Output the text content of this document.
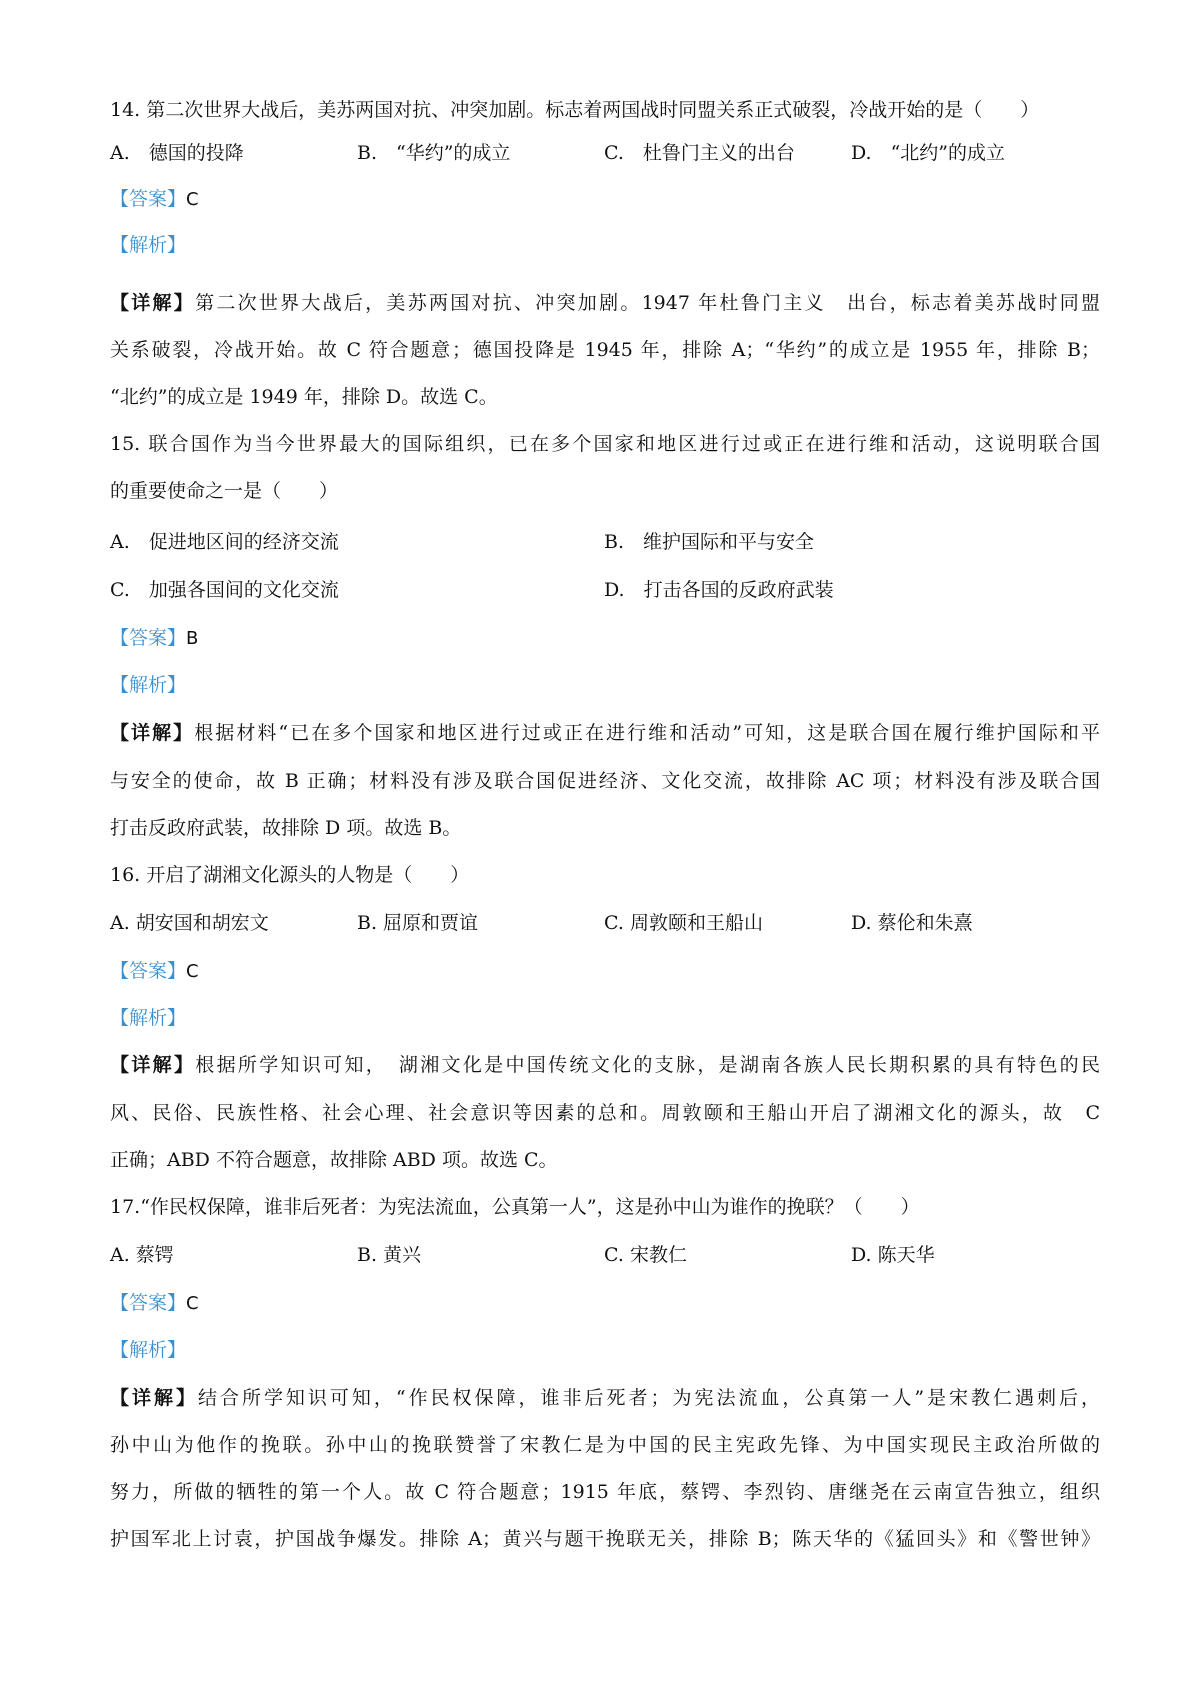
14. 第二次世界大战后，美苏两国对抗、冲突加剧。标志着两国战时同盟关系正式破裂，冷战开始的是（　　）
A.　德国的投降	B.　“华约”的成立	C.　杜鲁门主义的出台	D.　“北约”的成立
【答案】C
【解析】
【详解】第二次世界大战后，美苏两国对抗、冲突加剧。1947 年杜鲁门主义　出台，标志着美苏战时同盟
关系破裂，冷战开始。故 C 符合题意；德国投降是 1945 年，排除 A；“华约”的成立是 1955 年，排除 B；
“北约”的成立是 1949 年，排除 D。故选 C。
15. 联合国作为当今世界最大的国际组织，已在多个国家和地区进行过或正在进行维和活动，这说明联合国
的重要使命之一是（　　）
A.　促进地区间的经济交流	B.　维护国际和平与安全
C.　加强各国间的文化交流	D.　打击各国的反政府武装
【答案】B
【解析】
【详解】根据材料“已在多个国家和地区进行过或正在进行维和活动”可知，这是联合国在履行维护国际和平
与安全的使命，故 B 正确；材料没有涉及联合国促进经济、文化交流，故排除 AC 项；材料没有涉及联合国
打击反政府武装，故排除 D 项。故选 B。
16. 开启了湖湘文化源头的人物是（　　）
A. 胡安国和胡宏文	B. 屈原和贾谊	C. 周敦颐和王船山	D. 蔡伦和朱熹
【答案】C
【解析】
【详解】根据所学知识可知，　湖湘文化是中国传统文化的支脉，是湖南各族人民长期积累的具有特色的民
风、民俗、民族性格、社会心理、社会意识等因素的总和。周敦颐和王船山开启了湖湘文化的源头，故　C
正确；ABD 不符合题意，故排除 ABD 项。故选 C。
17.“作民权保障，谁非后死者：为宪法流血，公真第一人”，这是孙中山为谁作的挽联？（　　）
A. 蔡锷	B. 黄兴	C. 宋教仁	D. 陈天华
【答案】C
【解析】
【详解】结合所学知识可知，“作民权保障，谁非后死者；为宪法流血，公真第一人”是宋教仁遇刺后，
孙中山为他作的挽联。孙中山的挽联赞誉了宋教仁是为中国的民主宪政先锋、为中国实现民主政治所做的
努力，所做的牺牲的第一个人。故 C 符合题意；1915 年底，蔡锷、李烈钧、唐继尧在云南宣告独立，组织
护国军北上讨袁，护国战争爆发。排除 A；黄兴与题干挽联无关，排除 B；陈天华的《猛回头》和《警世钟》
